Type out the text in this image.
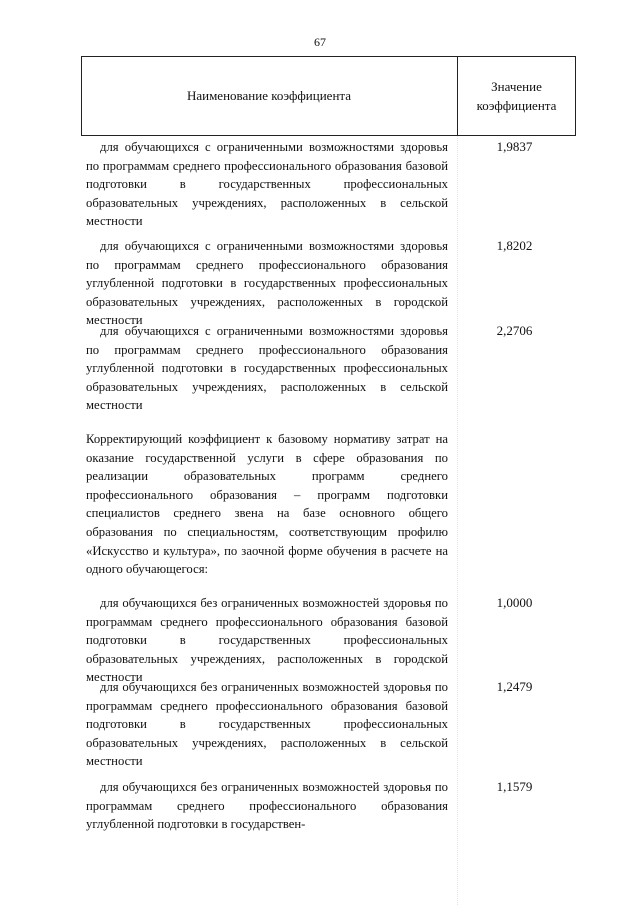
67
Наименование коэффициента
Значение
коэффициента
для обучающихся с ограниченными возможностями здоровья по программам среднего профессионального образования базовой подготовки в государственных профессиональных образовательных учреждениях, расположенных в сельской местности
1,9837
для обучающихся с ограниченными возможностями здоровья по программам среднего профессионального образования углубленной подготовки в государственных профессиональных образовательных учреждениях, расположенных в городской местности
1,8202
для обучающихся с ограниченными возможностями здоровья по программам среднего профессионального образования углубленной подготовки в государственных профессиональных образовательных учреждениях, расположенных в сельской местности
2,2706
Корректирующий коэффициент к базовому нормативу затрат на оказание государственной услуги в сфере образования по реализации образовательных программ среднего профессионального образования – программ подготовки специалистов среднего звена на базе основного общего образования по специальностям, соответствующим профилю «Искусство и культура», по заочной форме обучения в расчете на одного обучающегося:
для обучающихся без ограниченных возможностей здоровья по программам среднего профессионального образования базовой подготовки в государственных профессиональных образовательных учреждениях, расположенных в городской местности
1,0000
для обучающихся без ограниченных возможностей здоровья по программам среднего профессионального образования базовой подготовки в государственных профессиональных образовательных учреждениях, расположенных в сельской местности
1,2479
для обучающихся без ограниченных возможностей здоровья по программам среднего профессионального образования углубленной подготовки в государствен-
1,1579
